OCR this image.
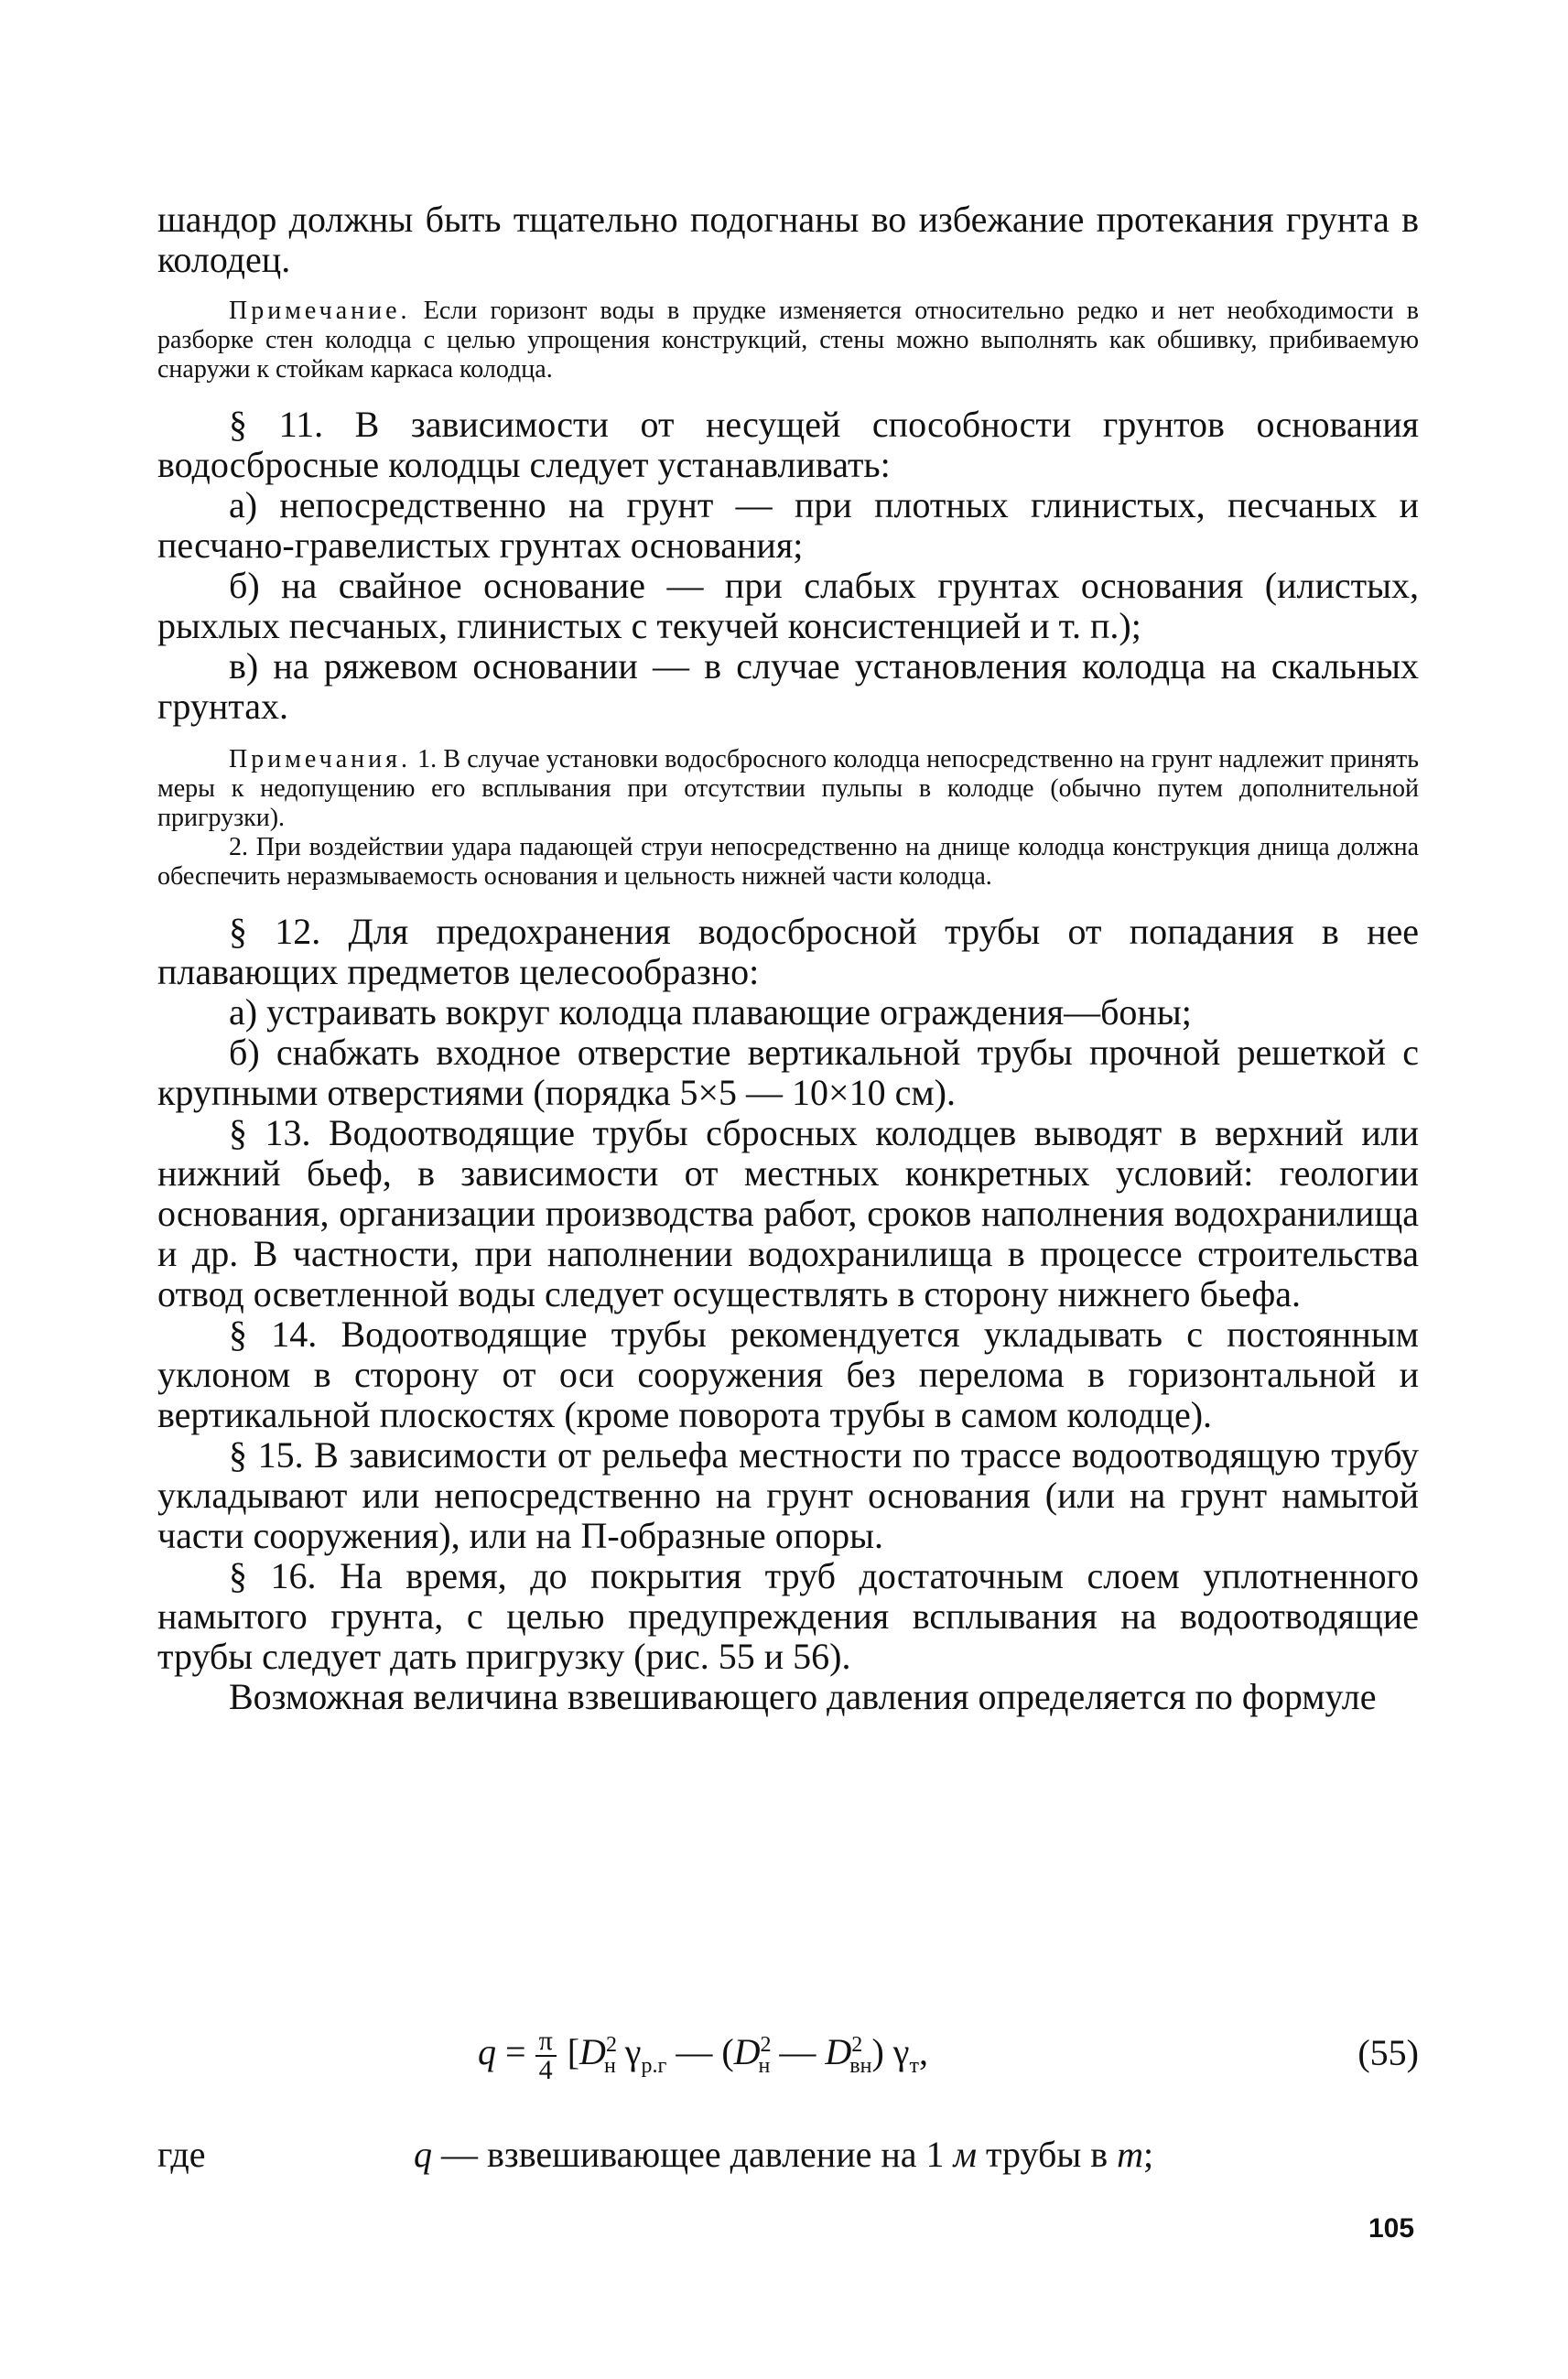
шандор должны быть тщательно подогнаны во избежание протекания грунта в колодец.

Примечание. Если горизонт воды в прудке изменяется относительно редко и нет необходимости в разборке стен колодца с целью упрощения конструкций, стены можно выполнять как обшивку, прибиваемую снаружи к стойкам каркаса колодца.

§ 11. В зависимости от несущей способности грунтов основания водосбросные колодцы следует устанавливать:

а) непосредственно на грунт — при плотных глинистых, песчаных и песчано-гравелистых грунтах основания;

б) на свайное основание — при слабых грунтах основания (илистых, рыхлых песчаных, глинистых с текучей консистенцией и т. п.);

в) на ряжевом основании — в случае установления колодца на скальных грунтах.

Примечания. 1. В случае установки водосбросного колодца непосредственно на грунт надлежит принять меры к недопущению его всплывания при отсутствии пульпы в колодце (обычно путем дополнительной пригрузки).

2. При воздействии удара падающей струи непосредственно на днище колодца конструкция днища должна обеспечить неразмываемость основания и цельность нижней части колодца.

§ 12. Для предохранения водосбросной трубы от попадания в нее плавающих предметов целесообразно:

а) устраивать вокруг колодца плавающие ограждения—боны;

б) снабжать входное отверстие вертикальной трубы прочной решеткой с крупными отверстиями (порядка 5×5 — 10×10 см).

§ 13. Водоотводящие трубы сбросных колодцев выводят в верхний или нижний бьеф, в зависимости от местных конкретных условий: геологии основания, организации производства работ, сроков наполнения водохранилища и др. В частности, при наполнении водохранилища в процессе строительства отвод осветленной воды следует осуществлять в сторону нижнего бьефа.

§ 14. Водоотводящие трубы рекомендуется укладывать с постоянным уклоном в сторону от оси сооружения без перелома в горизонтальной и вертикальной плоскостях (кроме поворота трубы в самом колодце).

§ 15. В зависимости от рельефа местности по трассе водоотводящую трубу укладывают или непосредственно на грунт основания (или на грунт намытой части сооружения), или на П-образные опоры.

§ 16. На время, до покрытия труб достаточным слоем уплотненного намытого грунта, с целью предупреждения всплывания на водоотводящие трубы следует дать пригрузку (рис. 55 и 56).

Возможная величина взвешивающего давления определяется по формуле

$q = \frac{\pi}{4} [D^2_н$ $\gamma_{р.г}$ — ($D^2_н$ — $D^2_{вн}$) $\gamma_т$,	(55)
где	q — взвешивающее давление на 1 м трубы в т;
105
